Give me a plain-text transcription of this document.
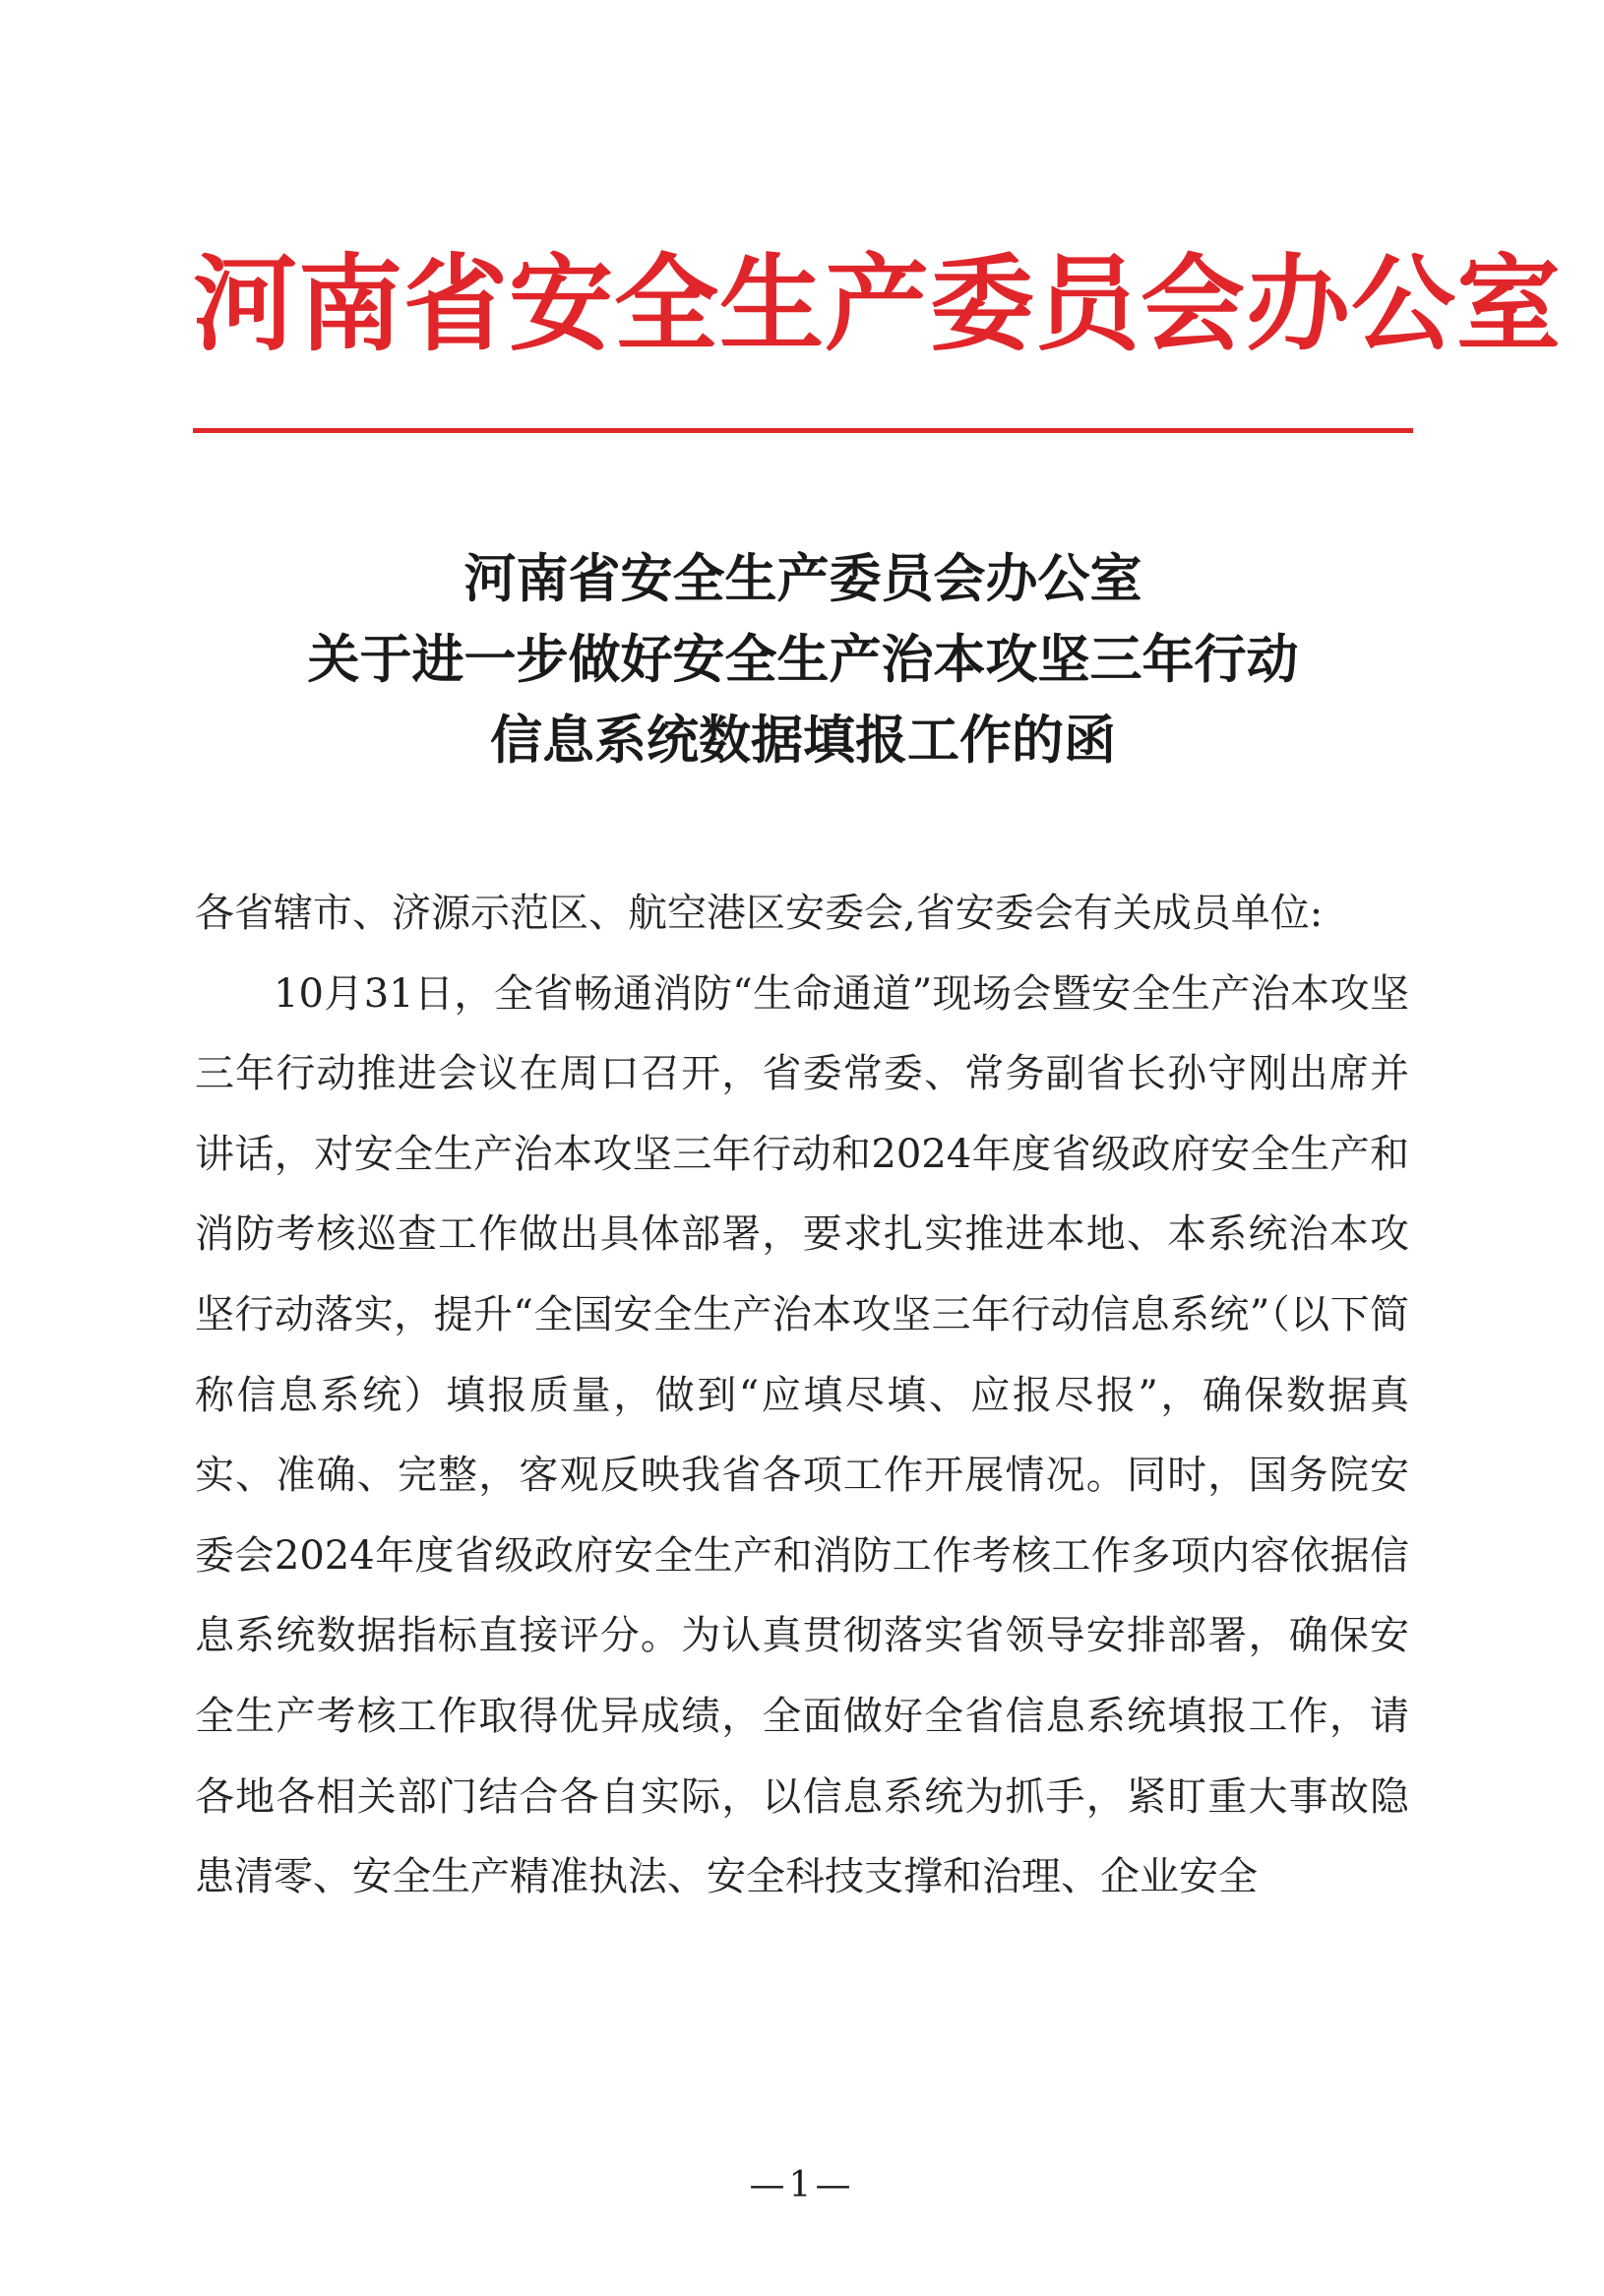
河南省安全生产委员会办公室
河南省安全生产委员会办公室
关于进一步做好安全生产治本攻坚三年行动
信息系统数据填报工作的函

各省辖市、济源示范区、航空港区安委会,省安委会有关成员单位:

10月31日，全省畅通消防“生命通道”现场会暨安全生产治本攻坚三年行动推进会议在周口召开，省委常委、常务副省长孙守刚出席并讲话，对安全生产治本攻坚三年行动和2024年度省级政府安全生产和消防考核巡查工作做出具体部署，要求扎实推进本地、本系统治本攻坚行动落实，提升“全国安全生产治本攻坚三年行动信息系统”（以下简称信息系统）填报质量，做到“应填尽填、应报尽报”，确保数据真实、准确、完整，客观反映我省各项工作开展情况。同时，国务院安委会2024年度省级政府安全生产和消防工作考核工作多项内容依据信息系统数据指标直接评分。为认真贯彻落实省领导安排部署，确保安全生产考核工作取得优异成绩，全面做好全省信息系统填报工作，请各地各相关部门结合各自实际，以信息系统为抓手，紧盯重大事故隐患清零、安全生产精准执法、安全科技支撑和治理、企业安全

—1—
